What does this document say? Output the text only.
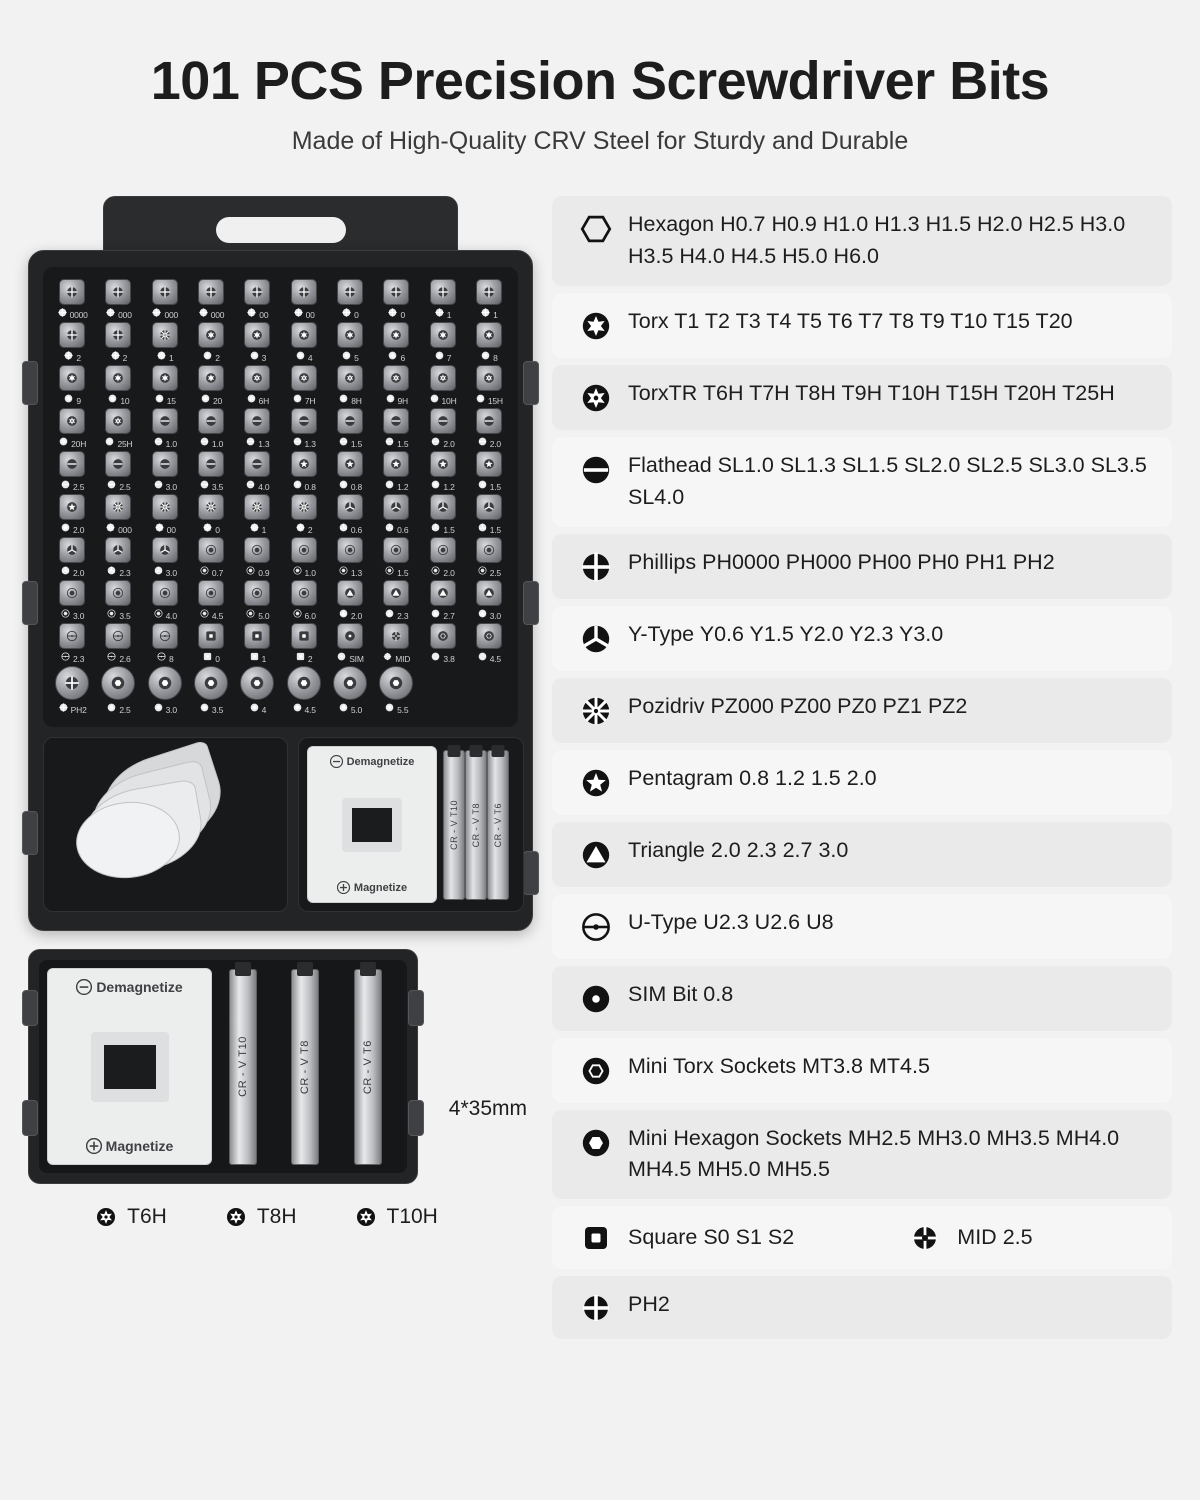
101 PCS Precision Screwdriver Bits
Made of High-Quality CRV Steel for Sturdy and Durable
0000	000	000	000	00	00	0	0	1	1
2	2	1	2	3	4	5	6	7	8
9	10	15	20	6H	7H	8H	9H	10H	15H
20H	25H	1.0	1.0	1.3	1.3	1.5	1.5	2.0	2.0
2.5	2.5	3.0	3.5	4.0	0.8	0.8	1.2	1.2	1.5
2.0	000	00	0	1	2	0.6	0.6	1.5	1.5
2.0	2.3	3.0	0.7	0.9	1.0	1.3	1.5	2.0	2.5
3.0	3.5	4.0	4.5	5.0	6.0	2.0	2.3	2.7	3.0
2.3	2.6	8	0	1	2	SIM	MID	3.8	4.5
PH2	2.5	3.0	3.5	4	4.5	5.0	5.5
Demagnetize
Magnetize
CR - V T10 CR - V T8 CR - V T6
Demagnetize
Magnetize
CR - V T10	CR - V T8	CR - V T6
4*35mm
T6H	T8H	T10H
Hexagon H0.7 H0.9 H1.0 H1.3 H1.5 H2.0 H2.5 H3.0 H3.5 H4.0 H4.5 H5.0 H6.0
Torx T1 T2 T3 T4 T5 T6 T7 T8 T9 T10 T15 T20
TorxTR T6H T7H T8H T9H T10H T15H T20H T25H
Flathead SL1.0 SL1.3 SL1.5 SL2.0 SL2.5 SL3.0 SL3.5 SL4.0
Phillips PH0000 PH000 PH00 PH0 PH1 PH2
Y-Type Y0.6 Y1.5 Y2.0 Y2.3 Y3.0
Pozidriv PZ000 PZ00 PZ0 PZ1 PZ2
Pentagram 0.8 1.2 1.5 2.0
Triangle 2.0 2.3 2.7 3.0
U-Type U2.3 U2.6 U8
SIM Bit 0.8
Mini Torx Sockets MT3.8 MT4.5
Mini Hexagon Sockets MH2.5 MH3.0 MH3.5 MH4.0 MH4.5 MH5.0 MH5.5
Square S0 S1 S2	MID 2.5
PH2
